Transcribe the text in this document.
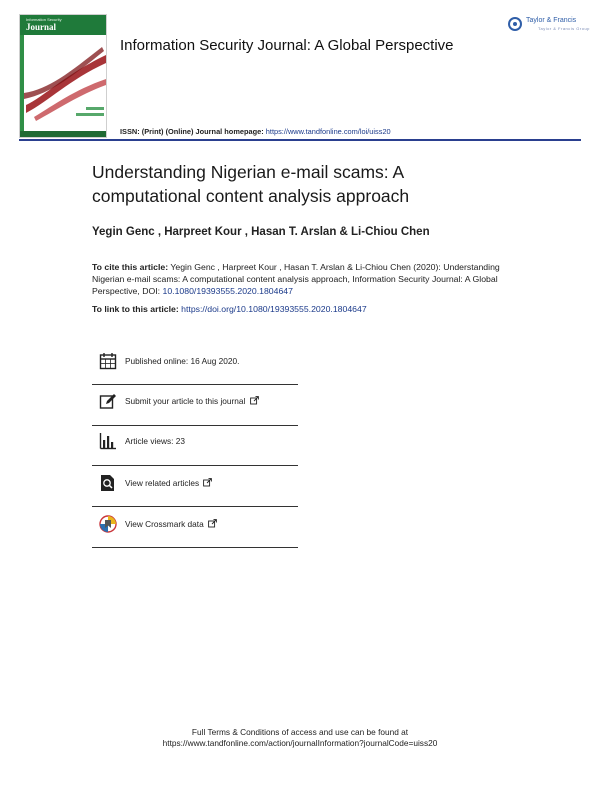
Information Security
Journal
Information Security Journal: A Global Perspective
ISSN: (Print) (Online) Journal homepage: https://www.tandfonline.com/loi/uiss20
Taylor & Francis
Taylor & Francis Group
Understanding Nigerian e-mail scams: A computational content analysis approach
Yegin Genc , Harpreet Kour , Hasan T. Arslan & Li-Chiou Chen
To cite this article: Yegin Genc , Harpreet Kour , Hasan T. Arslan & Li-Chiou Chen (2020): Understanding Nigerian e-mail scams: A computational content analysis approach, Information Security Journal: A Global Perspective, DOI: 10.1080/19393555.2020.1804647
To link to this article: https://doi.org/10.1080/19393555.2020.1804647
Published online: 16 Aug 2020.
Submit your article to this journal
Article views: 23
View related articles
View Crossmark data
Full Terms & Conditions of access and use can be found at
https://www.tandfonline.com/action/journalInformation?journalCode=uiss20
